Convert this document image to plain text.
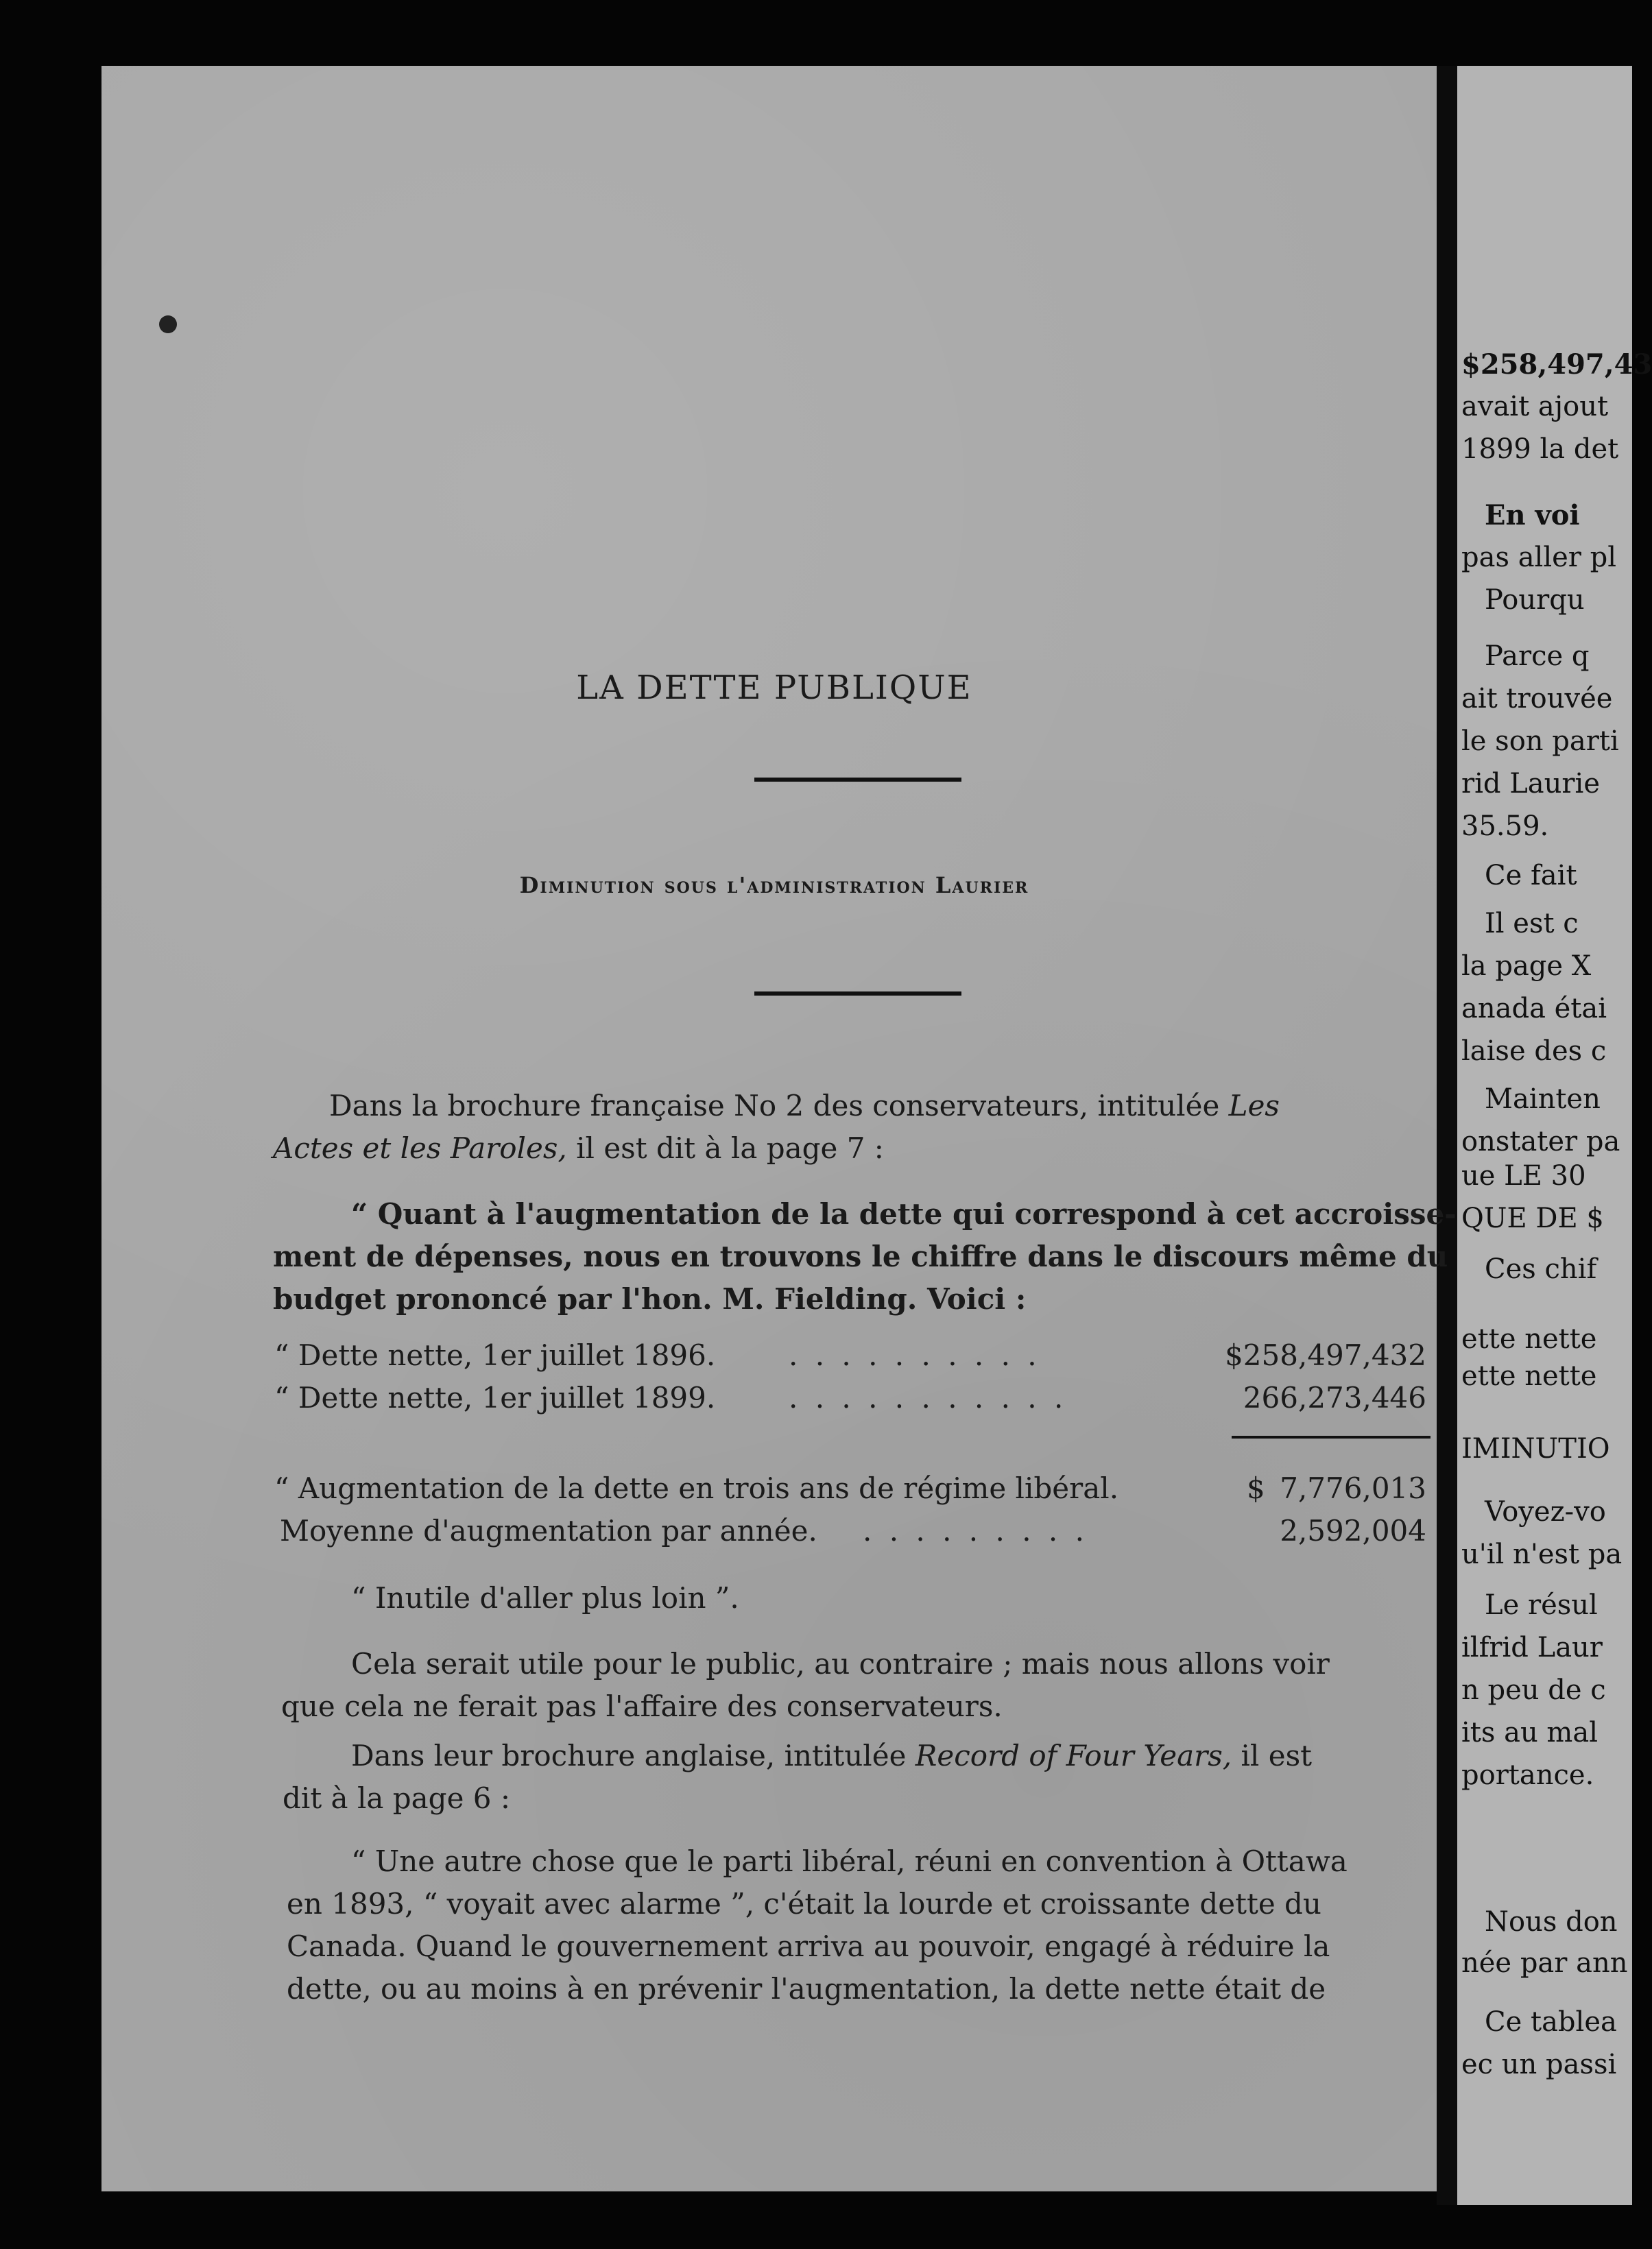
$258,497,43
avait ajout
1899 la det
En voi
pas aller pl
Pourqu
Parce q
ait trouvée
le son parti
rid Laurie
35.59.
Ce fait
Il est c
la page X
anada étai
laise des c
Mainten
onstater pa
ue LE 30
QUE DE $
Ces chif
ette nette
ette nette
IMINUTIO
Voyez-vo
u'il n'est pa
Le résul
ilfrid Laur
n peu de c
its au mal
portance.
Nous don
née par ann
Ce tablea
ec un passi
LA DETTE PUBLIQUE
Diminution sous l'administration Laurier
Dans la brochure française No 2 des conservateurs, intitulée Les
Actes et les Paroles, il est dit à la page 7 :
“ Quant à l'augmentation de la dette qui correspond à cet accroisse-
ment de dépenses, nous en trouvons le chiffre dans le discours même du
budget prononcé par l'hon. M. Fielding. Voici :
“ Dette nette, 1er juillet 1896.	. . . . . . . . . .	$258,497,432
“ Dette nette, 1er juillet 1899.	. . . . . . . . . . .	266,273,446
“ Augmentation de la dette en trois ans de régime libéral.	$ 7,776,013
Moyenne d'augmentation par année. . . . . . . . . .	2,592,004
“ Inutile d'aller plus loin ”.
Cela serait utile pour le public, au contraire ; mais nous allons voir
que cela ne ferait pas l'affaire des conservateurs.
Dans leur brochure anglaise, intitulée Record of Four Years, il est
dit à la page 6 :
“ Une autre chose que le parti libéral, réuni en convention à Ottawa
en 1893, “ voyait avec alarme ”, c'était la lourde et croissante dette du
Canada. Quand le gouvernement arriva au pouvoir, engagé à réduire la
dette, ou au moins à en prévenir l'augmentation, la dette nette était de
